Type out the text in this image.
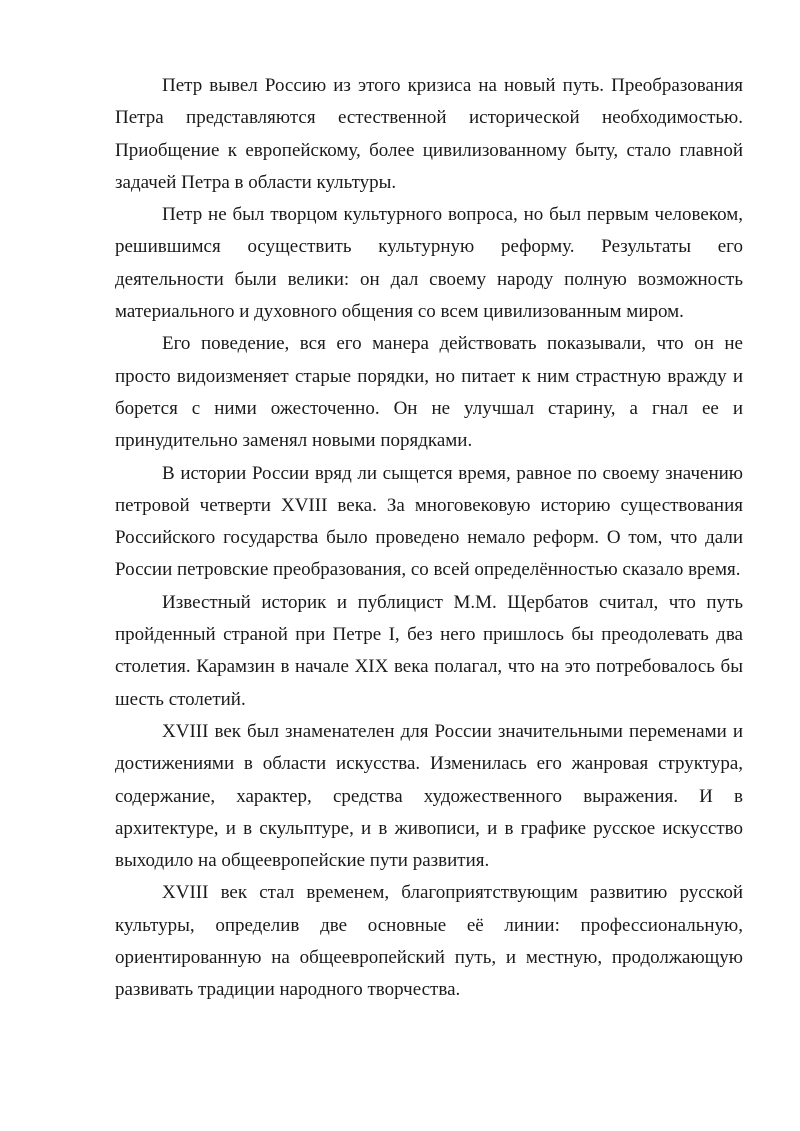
Петр вывел Россию из этого кризиса на новый путь. Преобразования Петра представляются естественной исторической необходимостью. Приобщение к европейскому, более цивилизованному быту, стало главной задачей Петра в области культуры.

Петр не был творцом культурного вопроса, но был первым человеком, решившимся осуществить культурную реформу. Результаты его деятельности были велики: он дал своему народу полную возможность материального и духовного общения со всем цивилизованным миром.

Его поведение, вся его манера действовать показывали, что он не просто видоизменяет старые порядки, но питает к ним страстную вражду и борется с ними ожесточенно. Он не улучшал старину, а гнал ее и принудительно заменял новыми порядками.

В истории России вряд ли сыщется время, равное по своему значению петровой четверти XVIII века. За многовековую историю существования Российского государства было проведено немало реформ. О том, что дали России петровские преобразования, со всей определённостью сказало время.

Известный историк и публицист М.М. Щербатов считал, что путь пройденный страной при Петре I, без него пришлось бы преодолевать два столетия. Карамзин в начале XIX века полагал, что на это потребовалось бы шесть столетий.

XVIII век был знаменателен для России значительными переменами и достижениями в области искусства. Изменилась его жанровая структура, содержание, характер, средства художественного выражения. И в архитектуре, и в скульптуре, и в живописи, и в графике русское искусство выходило на общеевропейские пути развития.

XVIII век стал временем, благоприятствующим развитию русской культуры, определив две основные её линии: профессиональную, ориентированную на общеевропейский путь, и местную, продолжающую развивать традиции народного творчества.
